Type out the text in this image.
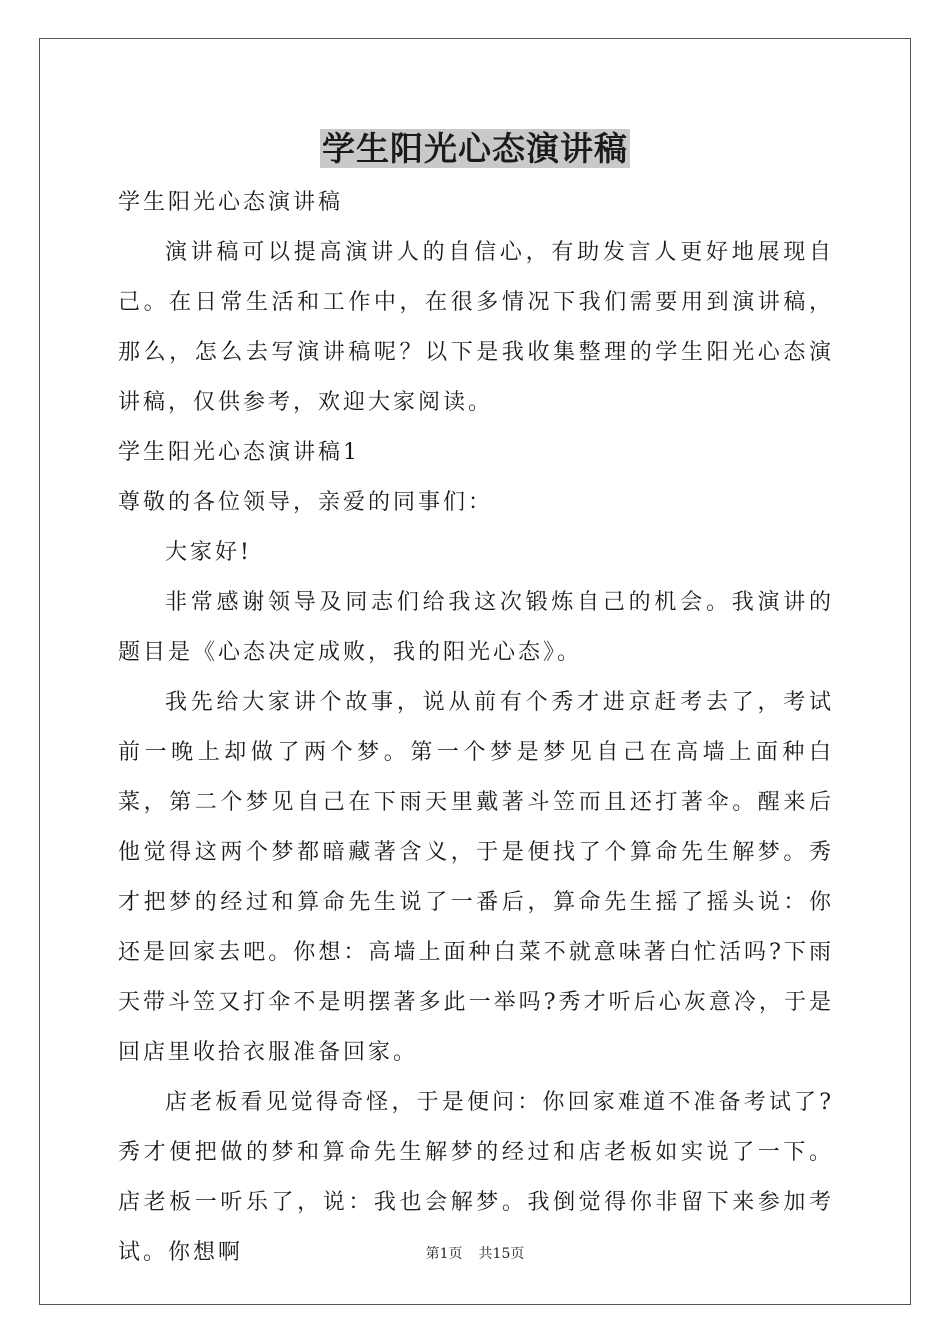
学生阳光心态演讲稿

学生阳光心态演讲稿

演讲稿可以提高演讲人的自信心，有助发言人更好地展现自己。在日常生活和工作中，在很多情况下我们需要用到演讲稿，那么，怎么去写演讲稿呢？以下是我收集整理的学生阳光心态演讲稿，仅供参考，欢迎大家阅读。

学生阳光心态演讲稿1

尊敬的各位领导，亲爱的同事们：

大家好!

非常感谢领导及同志们给我这次锻炼自己的机会。我演讲的题目是《心态决定成败，我的阳光心态》。

我先给大家讲个故事，说从前有个秀才进京赶考去了，考试前一晚上却做了两个梦。第一个梦是梦见自己在高墙上面种白菜，第二个梦见自己在下雨天里戴著斗笠而且还打著伞。醒来后他觉得这两个梦都暗藏著含义，于是便找了个算命先生解梦。秀才把梦的经过和算命先生说了一番后，算命先生摇了摇头说：你还是回家去吧。你想：高墙上面种白菜不就意味著白忙活吗?下雨天带斗笠又打伞不是明摆著多此一举吗?秀才听后心灰意冷，于是回店里收拾衣服准备回家。

店老板看见觉得奇怪，于是便问：你回家难道不准备考试了?秀才便把做的梦和算命先生解梦的经过和店老板如实说了一下。店老板一听乐了，说：我也会解梦。我倒觉得你非留下来参加考试。你想啊	第1页 共15页
